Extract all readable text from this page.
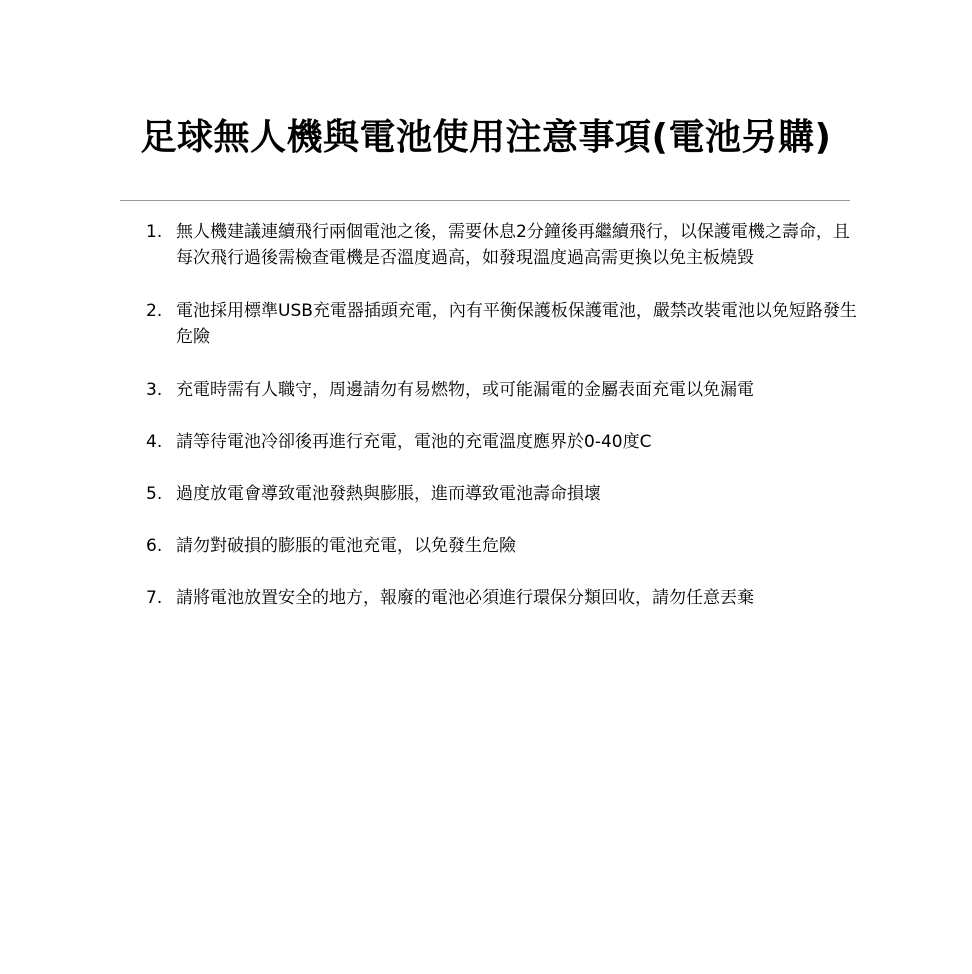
足球無人機與電池使用注意事項(電池另購)
1. 無人機建議連續飛行兩個電池之後，需要休息2分鐘後再繼續飛行，以保護電機之壽命，且每次飛行過後需檢查電機是否溫度過高，如發現溫度過高需更換以免主板燒毀
2. 電池採用標準USB充電器插頭充電，內有平衡保護板保護電池，嚴禁改裝電池以免短路發生危險
3. 充電時需有人職守，周邊請勿有易燃物，或可能漏電的金屬表面充電以免漏電
4. 請等待電池冷卻後再進行充電，電池的充電溫度應界於0-40度C
5. 過度放電會導致電池發熱與膨脹，進而導致電池壽命損壞
6. 請勿對破損的膨脹的電池充電，以免發生危險
7. 請將電池放置安全的地方，報廢的電池必須進行環保分類回收，請勿任意丟棄
